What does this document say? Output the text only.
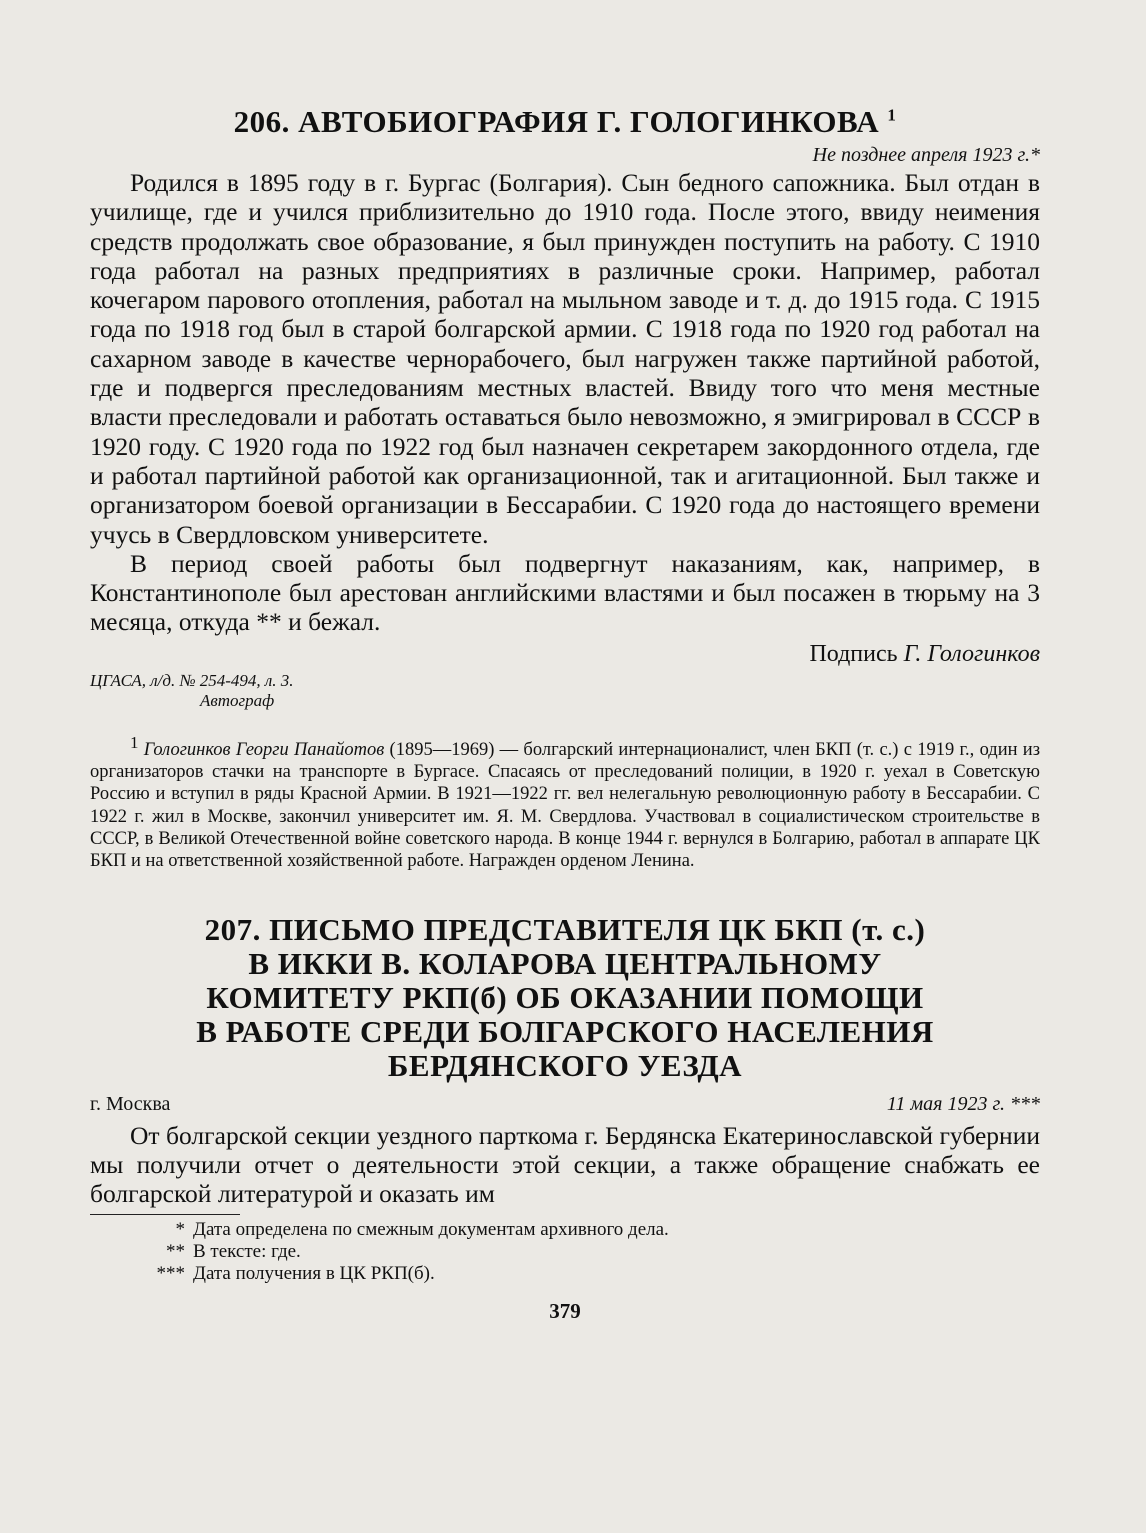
206. АВТОБИОГРАФИЯ Г. ГОЛОГИНКОВА $^1$

Не позднее апреля 1923 г.*

Родился в 1895 году в г. Бургас (Болгария). Сын бедного сапожника. Был отдан в училище, где и учился приблизительно до 1910 года. После этого, ввиду неимения средств продолжать свое образование, я был принужден поступить на работу. С 1910 года работал на разных предприятиях в различные сроки. Например, работал кочегаром парового отопления, работал на мыльном заводе и т. д. до 1915 года. С 1915 года по 1918 год был в старой болгарской армии. С 1918 года по 1920 год работал на сахарном заводе в качестве чернорабочего, был нагружен также партийной работой, где и подвергся преследованиям местных властей. Ввиду того что меня местные власти преследовали и работать оставаться было невозможно, я эмигрировал в СССР в 1920 году. С 1920 года по 1922 год был назначен секретарем закордонного отдела, где и работал партийной работой как организационной, так и агитационной. Был также и организатором боевой организации в Бессарабии. С 1920 года до настоящего времени учусь в Свердловском университете.

В период своей работы был подвергнут наказаниям, как, например, в Константинополе был арестован английскими властями и был посажен в тюрьму на 3 месяца, откуда ** и бежал.

Подпись Г. Гологинков

ЦГАСА, л/д. № 254-494, л. 3.
Автограф

1 Гологинков Георги Панайотов (1895—1969) — болгарский интернационалист, член БКП (т. с.) с 1919 г., один из организаторов стачки на транспорте в Бургасе. Спасаясь от преследований полиции, в 1920 г. уехал в Советскую Россию и вступил в ряды Красной Армии. В 1921—1922 гг. вел нелегальную революционную работу в Бессарабии. С 1922 г. жил в Москве, закончил университет им. Я. М. Свердлова. Участвовал в социалистическом строительстве в СССР, в Великой Отечественной войне советского народа. В конце 1944 г. вернулся в Болгарию, работал в аппарате ЦК БКП и на ответственной хозяйственной работе. Награжден орденом Ленина.

207. ПИСЬМО ПРЕДСТАВИТЕЛЯ ЦК БКП (т. с.)
В ИККИ В. КОЛАРОВА ЦЕНТРАЛЬНОМУ
КОМИТЕТУ РКП(б) ОБ ОКАЗАНИИ ПОМОЩИ
В РАБОТЕ СРЕДИ БОЛГАРСКОГО НАСЕЛЕНИЯ
БЕРДЯНСКОГО УЕЗДА
г. Москва	11 мая 1923 г. ***

От болгарской секции уездного парткома г. Бердянска Екатеринославской губернии мы получили отчет о деятельности этой секции, а также обращение снабжать ее болгарской литературой и оказать им

* Дата определена по смежным документам архивного дела.

** В тексте: где.

*** Дата получения в ЦК РКП(б).

379
